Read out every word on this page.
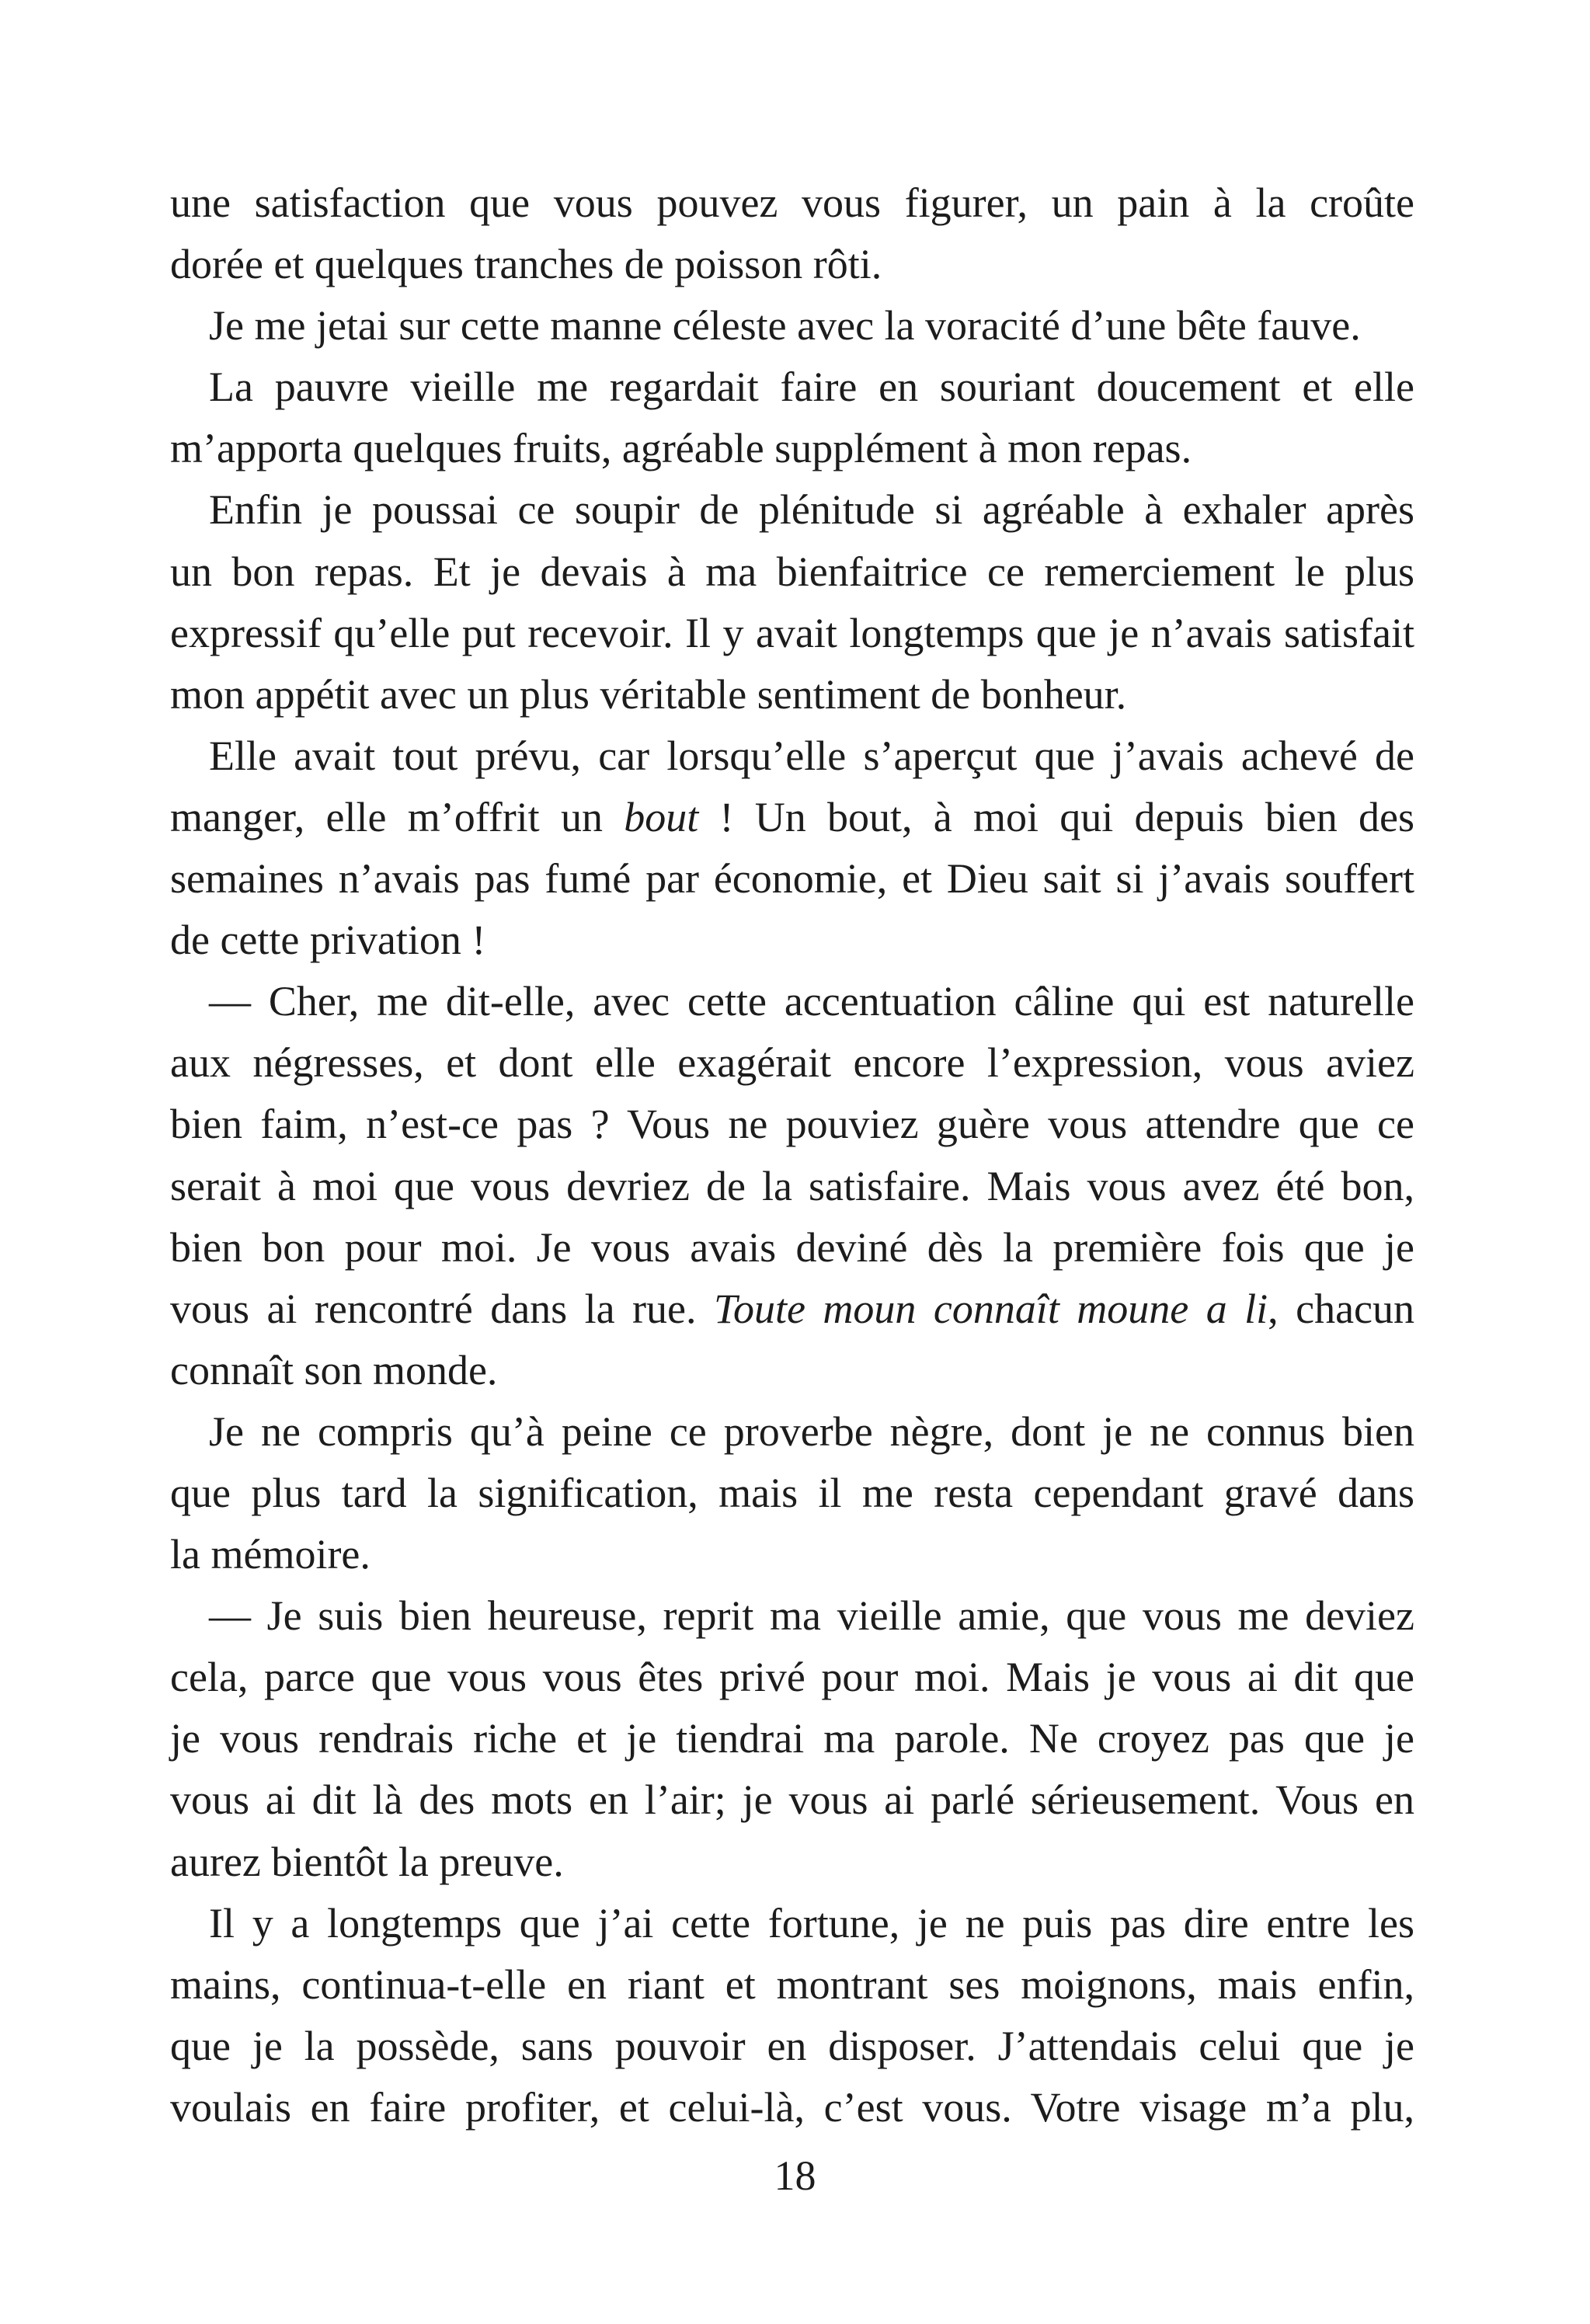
une satisfaction que vous pouvez vous figurer, un pain à la croûte
dorée et quelques tranches de poisson rôti.
Je me jetai sur cette manne céleste avec la voracité d’une bête fauve.
La pauvre vieille me regardait faire en souriant doucement et elle
m’apporta quelques fruits, agréable supplément à mon repas.
Enfin je poussai ce soupir de plénitude si agréable à exhaler après
un bon repas. Et je devais à ma bienfaitrice ce remerciement le plus
expressif qu’elle put recevoir. Il y avait longtemps que je n’avais satisfait
mon appétit avec un plus véritable sentiment de bonheur.
Elle avait tout prévu, car lorsqu’elle s’aperçut que j’avais achevé de
manger, elle m’offrit un bout ! Un bout, à moi qui depuis bien des
semaines n’avais pas fumé par économie, et Dieu sait si j’avais souffert
de cette privation !
— Cher, me dit-elle, avec cette accentuation câline qui est naturelle
aux négresses, et dont elle exagérait encore l’expression, vous aviez
bien faim, n’est-ce pas ? Vous ne pouviez guère vous attendre que ce
serait à moi que vous devriez de la satisfaire. Mais vous avez été bon,
bien bon pour moi. Je vous avais deviné dès la première fois que je
vous ai rencontré dans la rue. Toute moun connaît moune a li, chacun
connaît son monde.
Je ne compris qu’à peine ce proverbe nègre, dont je ne connus bien
que plus tard la signification, mais il me resta cependant gravé dans
la mémoire.
— Je suis bien heureuse, reprit ma vieille amie, que vous me deviez
cela, parce que vous vous êtes privé pour moi. Mais je vous ai dit que
je vous rendrais riche et je tiendrai ma parole. Ne croyez pas que je
vous ai dit là des mots en l’air; je vous ai parlé sérieusement. Vous en
aurez bientôt la preuve.
Il y a longtemps que j’ai cette fortune, je ne puis pas dire entre les
mains, continua-t-elle en riant et montrant ses moignons, mais enfin,
que je la possède, sans pouvoir en disposer. J’attendais celui que je
voulais en faire profiter, et celui-là, c’est vous. Votre visage m’a plu,
18
